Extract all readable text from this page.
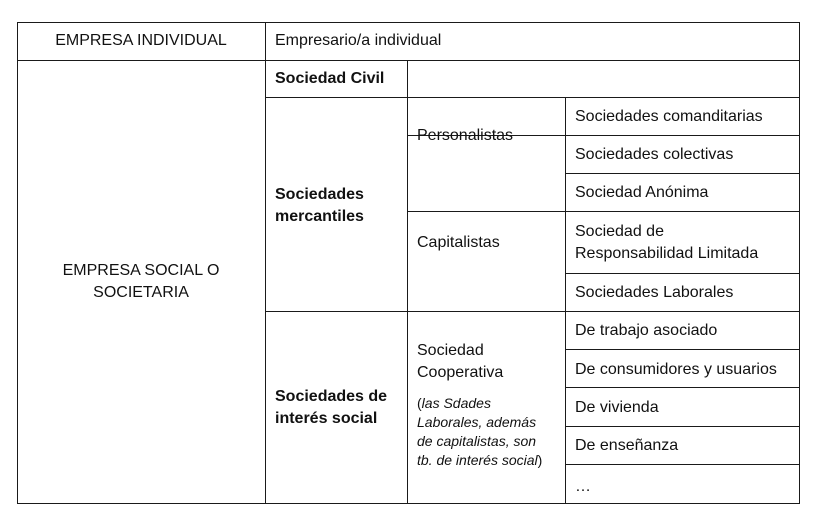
EMPRESA INDIVIDUAL	Empresario/a individual
EMPRESA SOCIAL O
SOCIETARIA
Sociedad Civil
Sociedades
mercantiles
Personalistas
Sociedades comanditarias
Sociedades colectivas
Capitalistas
Sociedad Anónima
Sociedad de
Responsabilidad Limitada
Sociedades Laborales
Sociedades de
interés social
Sociedad
Cooperativa
(las Sdades
Laborales, además
de capitalistas, son
tb. de interés social)
De trabajo asociado
De consumidores y usuarios
De vivienda
De enseñanza
…
